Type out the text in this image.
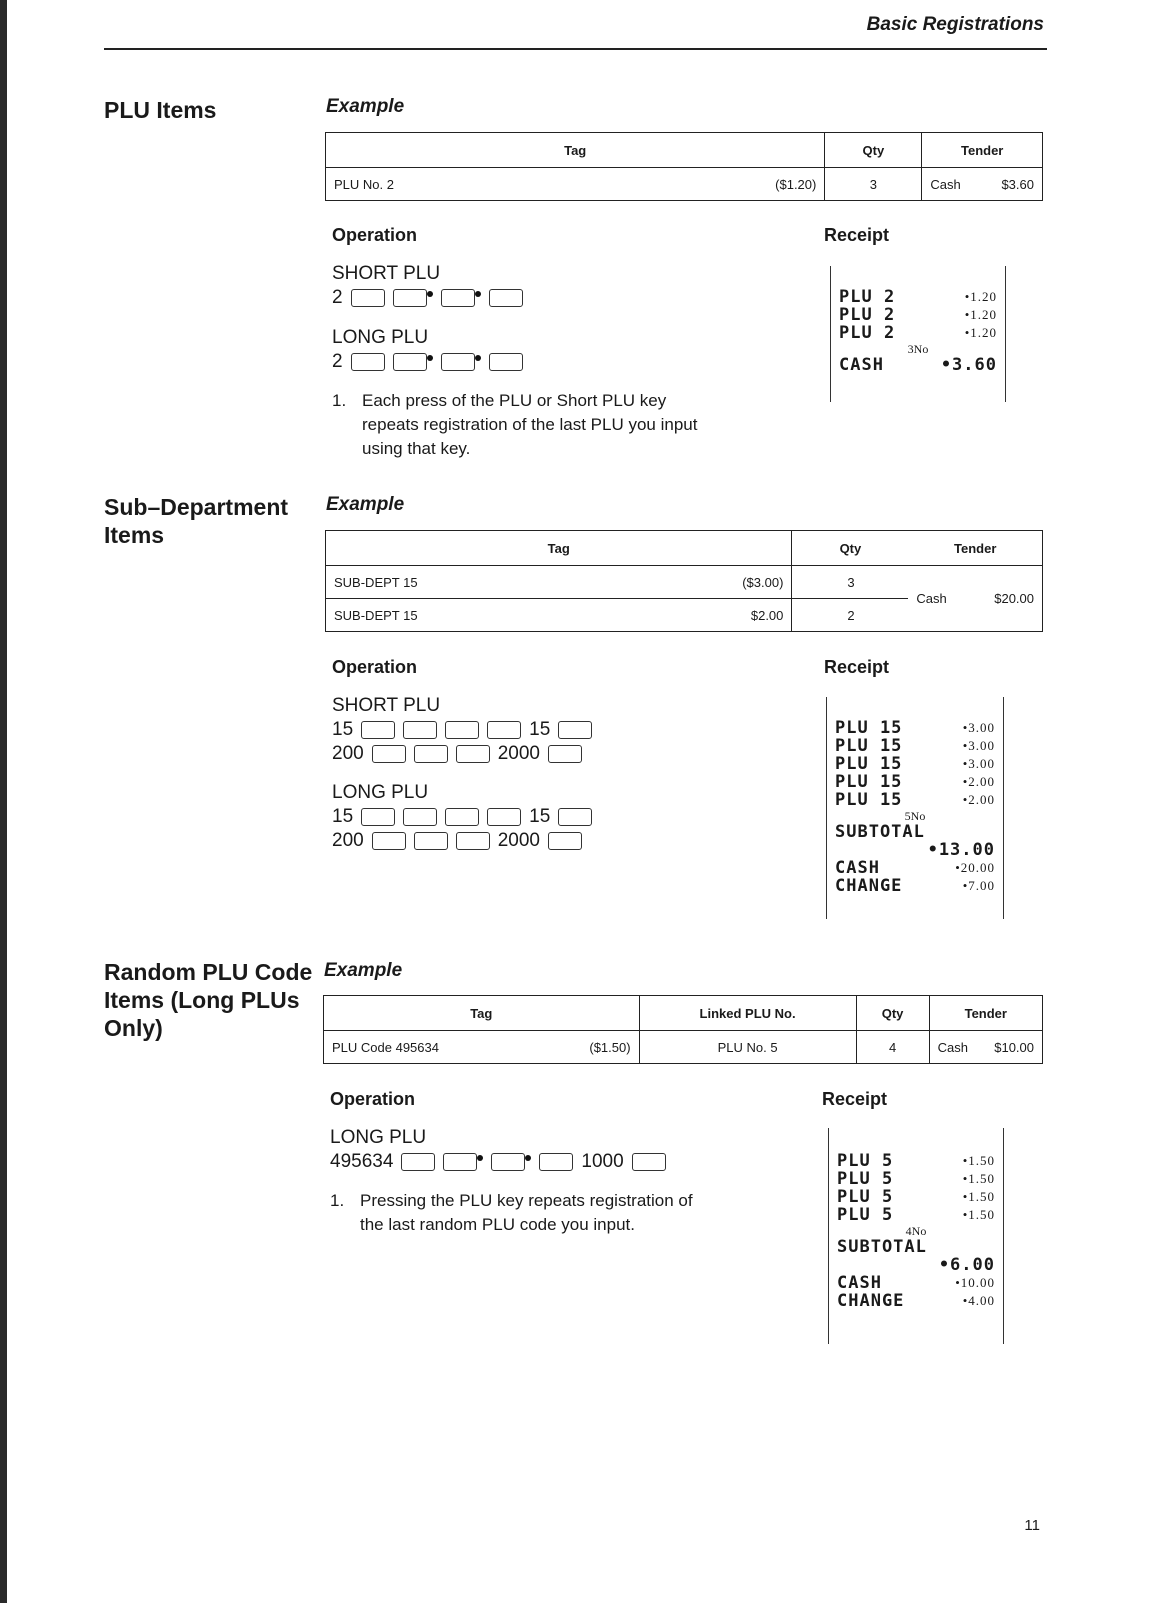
Basic Registrations
PLU Items	Example
Tag		Qty	Tender	
PLU No. 2	($1.20)	3	Cash	$3.60
Operation	Receipt
SHORT PLU
2
LONG PLU
2
1. Each press of the PLU or Short PLU key repeats registration of the last PLU you input using that key.
PLU 2	•1.20
PLU 2	•1.20
PLU 2	•1.20
3No
CASH	•3.60
Sub–Department Items
Example
Tag		Qty	Tender	
SUB-DEPT 15	($3.00)	3	Cash	$20.00
SUB-DEPT 15	$2.00	2		
Operation	Receipt
SHORT PLU
15	15
200	2000
LONG PLU
15	15
200	2000
PLU 15	•3.00
PLU 15	•3.00
PLU 15	•3.00
PLU 15	•2.00
PLU 15	•2.00
5No
SUBTOTAL
•13.00
CASH	•20.00
CHANGE	•7.00
Random PLU Code Items (Long PLUs Only)
Example
Tag		Linked PLU No.	Qty	Tender	
PLU Code 495634	($1.50)	PLU No. 5	4	Cash	$10.00
Operation	Receipt
LONG PLU
495634	1000
1. Pressing the PLU key repeats registration of the last random PLU code you input.
PLU 5	•1.50
PLU 5	•1.50
PLU 5	•1.50
PLU 5	•1.50
4No
SUBTOTAL
•6.00
CASH	•10.00
CHANGE	•4.00
11
